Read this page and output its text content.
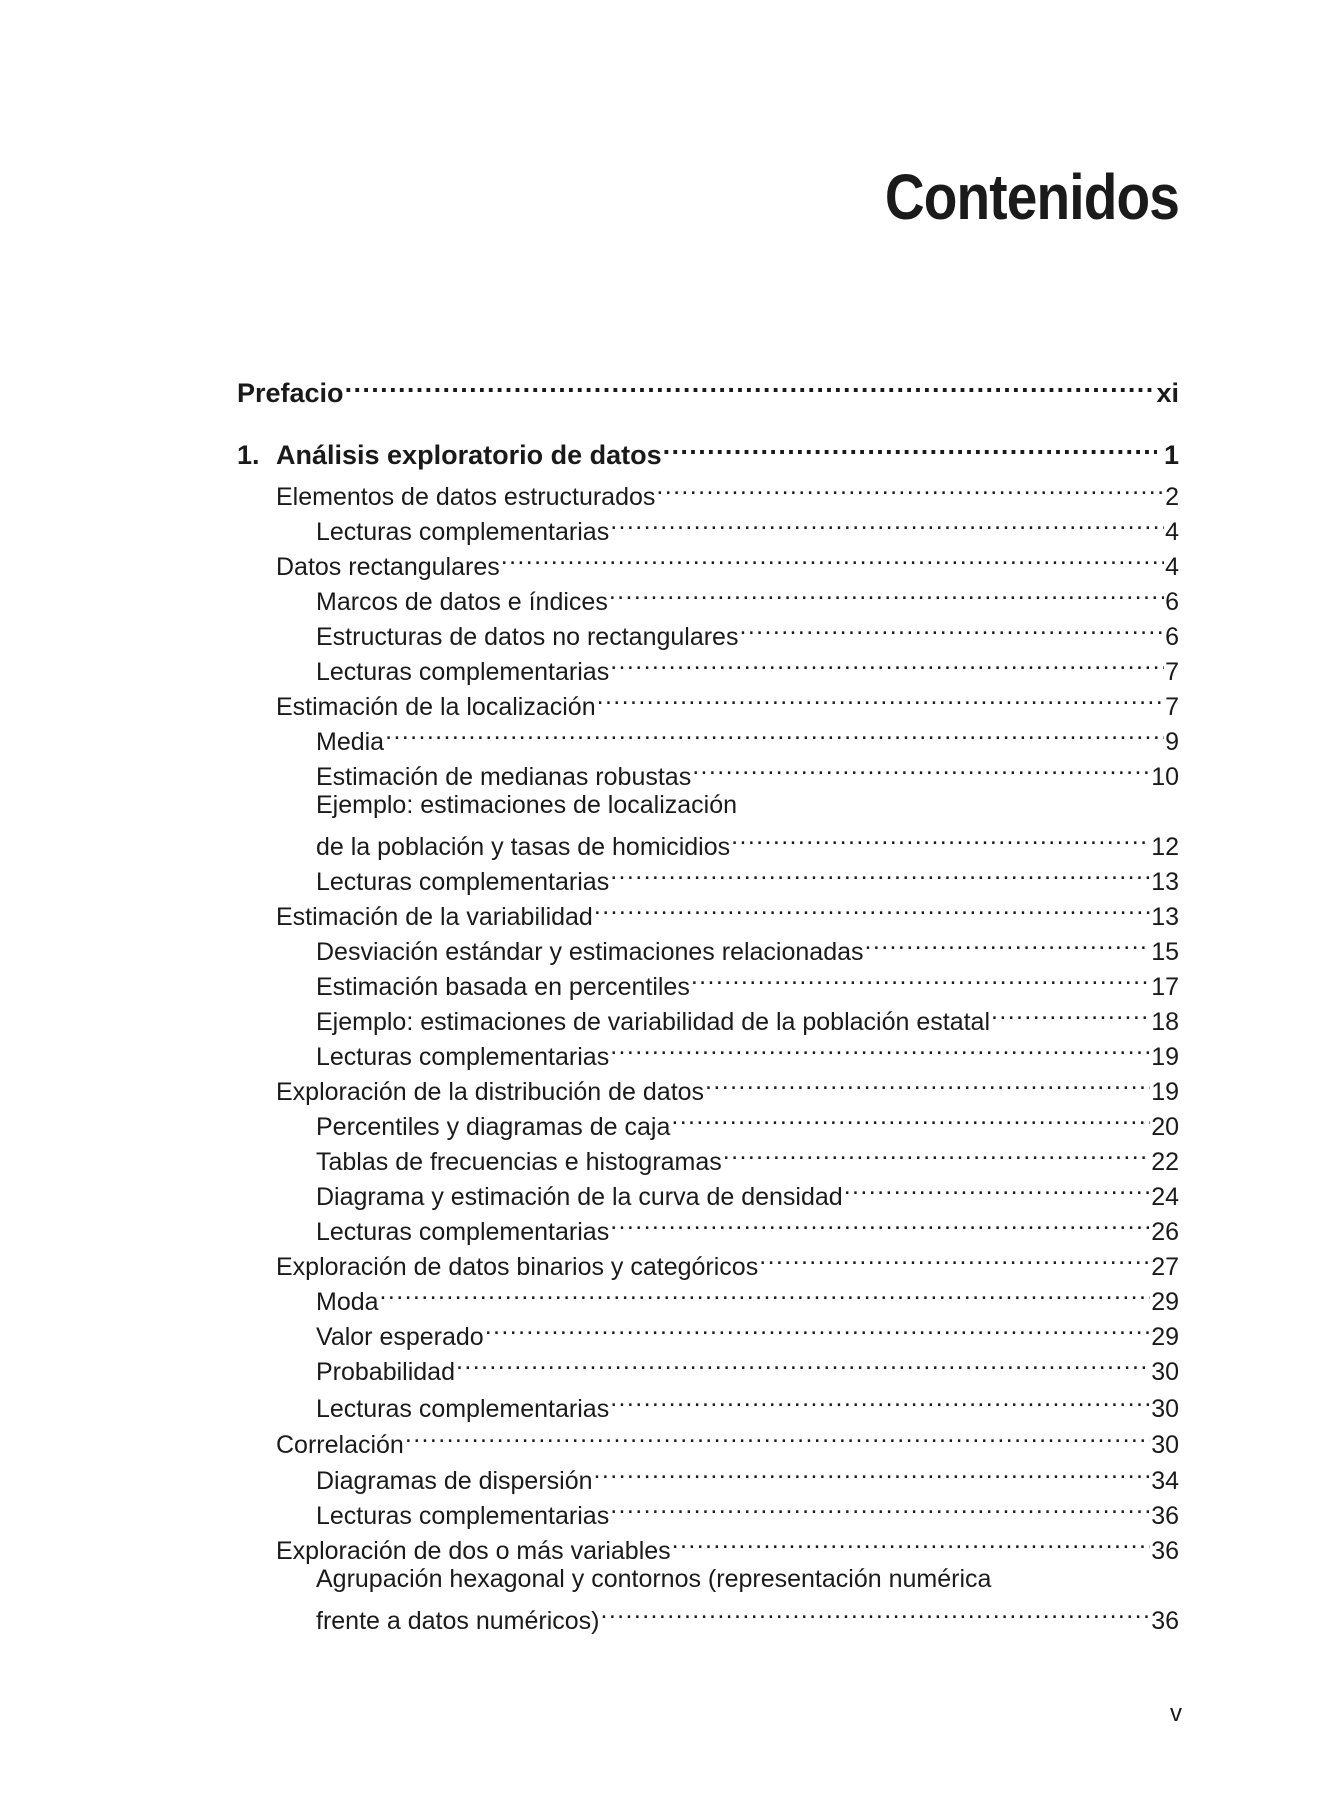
Contenidos
Prefacio .....	xi
1. Análisis exploratorio de datos .....	1
Elementos de datos estructurados .....	2
Lecturas complementarias .....	4
Datos rectangulares .....	4
Marcos de datos e índices .....	6
Estructuras de datos no rectangulares .....	6
Lecturas complementarias .....	7
Estimación de la localización .....	7
Media .....	9
Estimación de medianas robustas .....	10
Ejemplo: estimaciones de localización
de la población y tasas de homicidios .....	12
Lecturas complementarias .....	13
Estimación de la variabilidad .....	13
Desviación estándar y estimaciones relacionadas .....	15
Estimación basada en percentiles .....	17
Ejemplo: estimaciones de variabilidad de la población estatal .....	18
Lecturas complementarias .....	19
Exploración de la distribución de datos .....	19
Percentiles y diagramas de caja .....	20
Tablas de frecuencias e histogramas .....	22
Diagrama y estimación de la curva de densidad .....	24
Lecturas complementarias .....	26
Exploración de datos binarios y categóricos .....	27
Moda .....	29
Valor esperado .....	29
Probabilidad .....	30
Lecturas complementarias .....	30
Correlación .....	30
Diagramas de dispersión .....	34
Lecturas complementarias .....	36
Exploración de dos o más variables .....	36
Agrupación hexagonal y contornos (representación numérica
frente a datos numéricos) .....	36
v
